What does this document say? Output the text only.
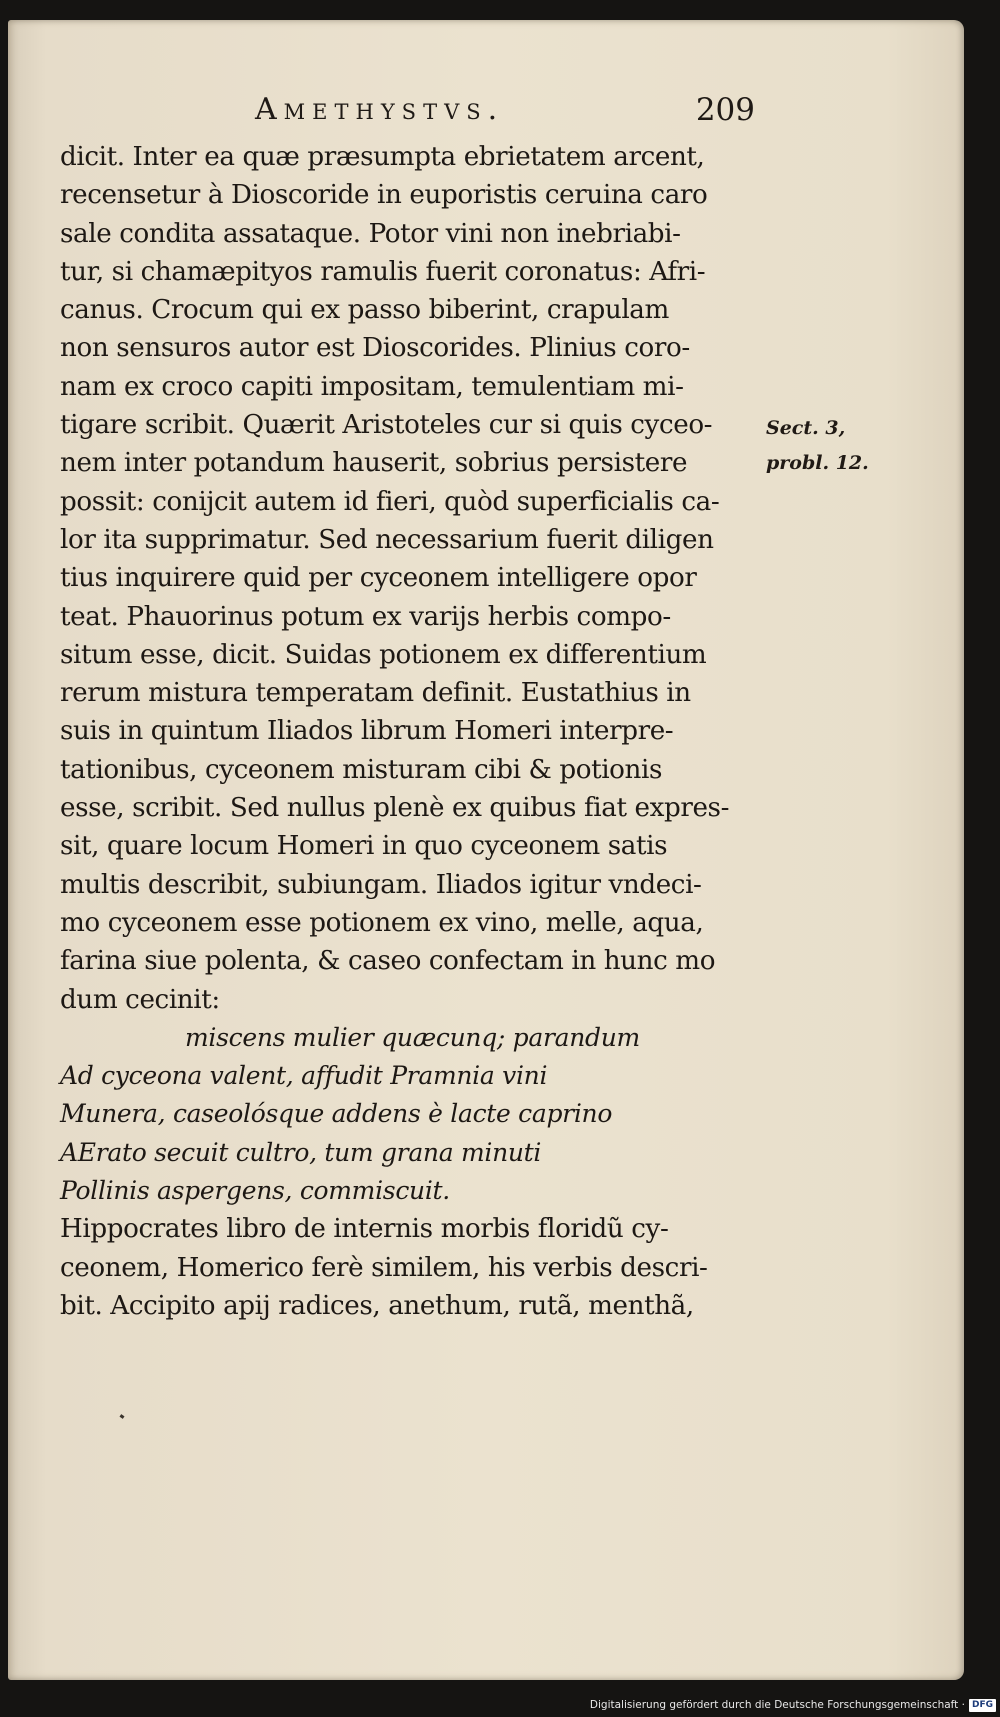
Amethystvs.	209
dicit. Inter ea quæ præsumpta ebrietatem arcent,
recensetur à Dioscoride in euporistis ceruina caro
sale condita assataque. Potor vini non inebriabi-
tur, si chamæpityos ramulis fuerit coronatus: Afri-
canus. Crocum qui ex passo biberint, crapulam
non sensuros autor est Dioscorides. Plinius coro-
nam ex croco capiti impositam, temulentiam mi-
tigare scribit. Quærit Aristoteles cur si quis cyceo-
nem inter potandum hauserit, sobrius persistere
possit: conijcit autem id fieri, quòd superficialis ca-
lor ita supprimatur. Sed necessarium fuerit diligen
tius inquirere quid per cyceonem intelligere opor
teat. Phauorinus potum ex varijs herbis compo-
situm esse, dicit. Suidas potionem ex differentium
rerum mistura temperatam definit. Eustathius in
suis in quintum Iliados librum Homeri interpre-
tationibus, cyceonem misturam cibi & potionis
esse, scribit. Sed nullus plenè ex quibus fiat expres-
sit, quare locum Homeri in quo cyceonem satis
multis describit, subiungam. Iliados igitur vndeci-
mo cyceonem esse potionem ex vino, melle, aqua,
farina siue polenta, & caseo confectam in hunc mo
dum cecinit:
miscens mulier quæcunq; parandum
Ad cyceona valent, affudit Pramnia vini
Munera, caseolósque addens è lacte caprino
AErato secuit cultro, tum grana minuti
Pollinis aspergens, commiscuit.
Hippocrates libro de internis morbis floridũ cy-
ceonem, Homerico ferè similem, his verbis descri-
bit. Accipito apij radices, anethum, rutã, menthã,
Sect. 3,
probl. 12.
Digitalisierung gefördert durch die Deutsche Forschungsgemeinschaft · DFG
